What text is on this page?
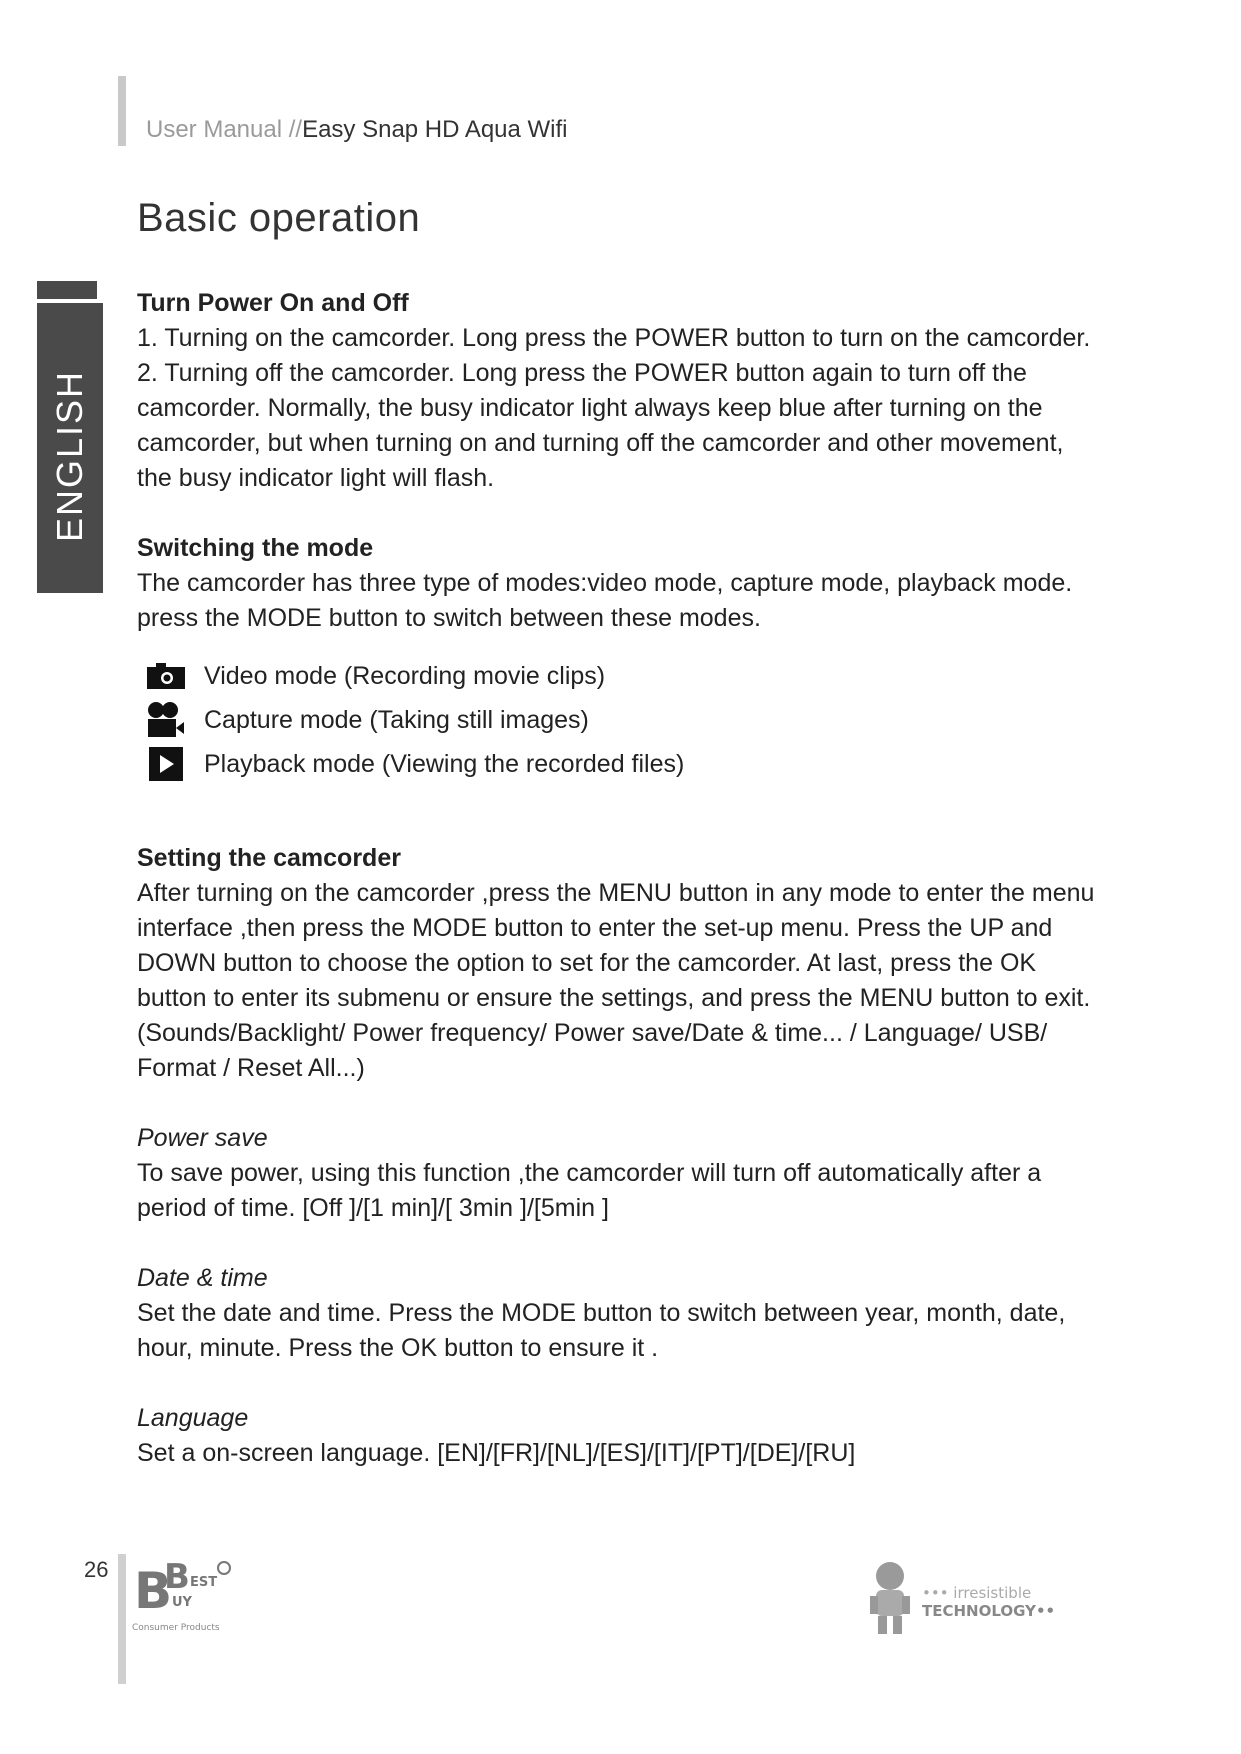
User Manual //Easy Snap HD Aqua Wifi
Basic operation
ENGLISH
Turn Power On and Off

1. Turning on the camcorder. Long press the POWER button to turn on the camcorder.

2. Turning off the camcorder. Long press the POWER button again to turn off the camcorder. Normally, the busy indicator light always keep blue after turning on the camcorder, but when turning on and turning off the camcorder and other movement, the busy indicator light will flash.

Switching the mode

The camcorder has three type of modes:video mode, capture mode, playback mode. press the MODE button to switch between these modes.

Video mode (Recording movie clips)
Capture mode (Taking still images)
Playback mode (Viewing the recorded files)
Setting the camcorder

After turning on the camcorder ,press the MENU button in any mode to enter the menu interface ,then press the MODE button to enter the set-up menu. Press the UP and DOWN button to choose the option to set for the camcorder. At last, press the OK button to enter its submenu or ensure the settings, and press the MENU button to exit.(Sounds/Backlight/ Power frequency/ Power save/Date & time... / Language/ USB/ Format / Reset All...)

Power save

To save power, using this function ,the camcorder will turn off automatically after a period of time. [Off ]/[1 min]/[ 3min ]/[5min ]

Date & time

Set the date and time. Press the MODE button to switch between year, month, date, hour, minute. Press the OK button to ensure it .

Language

Set a on-screen language. [EN]/[FR]/[NL]/[ES]/[IT]/[PT]/[DE]/[RU]

26 B
B EST
UY
Consumer Products
••• irresistible
TECHNOLOGY••
